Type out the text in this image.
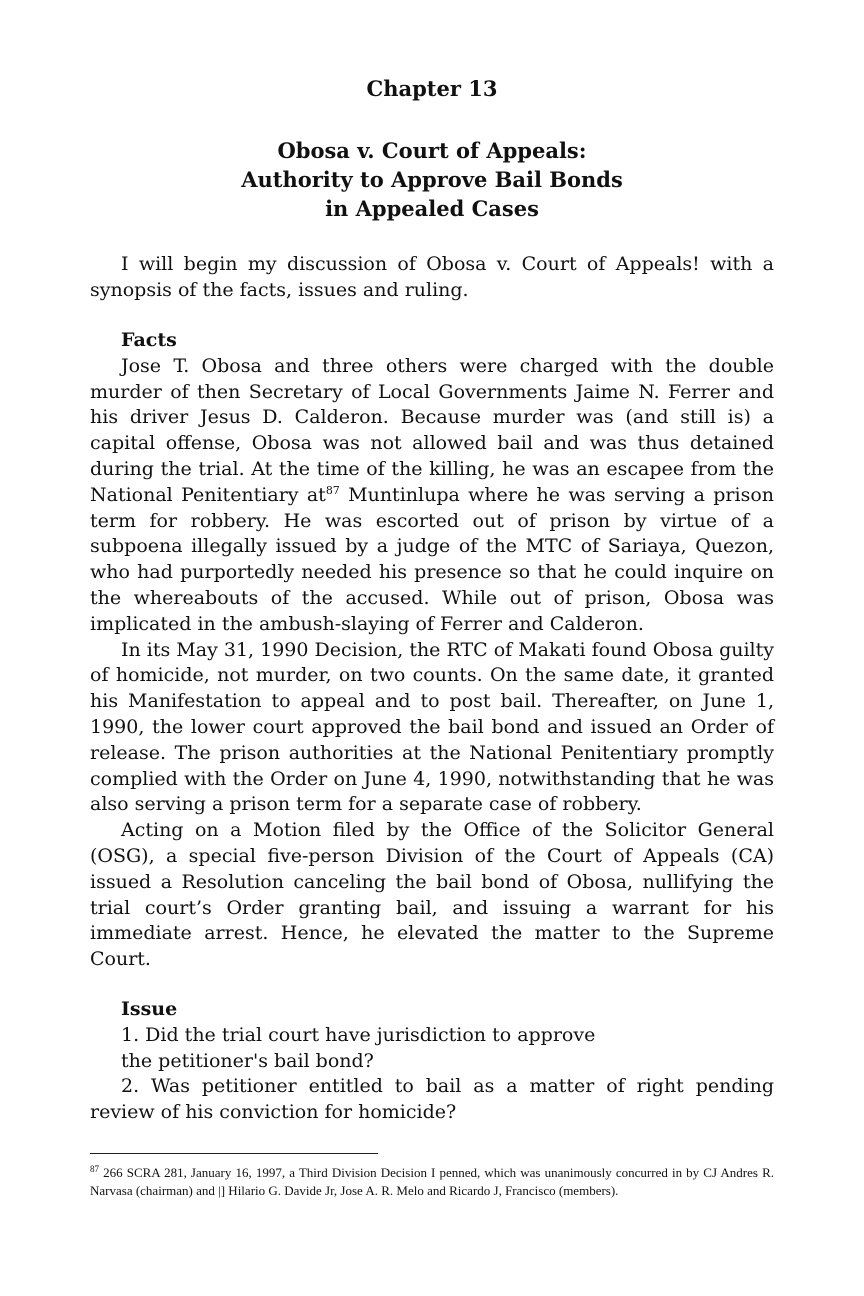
Chapter 13
Obosa v. Court of Appeals:
Authority to Approve Bail Bonds
in Appealed Cases

I will begin my discussion of Obosa v. Court of Appeals! with a synopsis of the facts, issues and ruling.

Facts

Jose T. Obosa and three others were charged with the double murder of then Secretary of Local Governments Jaime N. Ferrer and his driver Jesus D. Calderon. Because murder was (and still is) a capital offense, Obosa was not allowed bail and was thus detained during the trial. At the time of the killing, he was an escapee from the National Penitentiary $at^{87}$ Muntinlupa where he was serving a prison term for robbery. He was escorted out of prison by virtue of a subpoena illegally issued by a judge of the MTC of Sariaya, Quezon, who had purportedly needed his presence so that he could inquire on the whereabouts of the accused. While out of prison, Obosa was implicated in the ambush-slaying of Ferrer and Calderon.

In its May 31, 1990 Decision, the RTC of Makati found Obosa guilty of homicide, not murder, on two counts. On the same date, it granted his Manifestation to appeal and to post bail. Thereafter, on June 1, 1990, the lower court approved the bail bond and issued an Order of release. The prison authorities at the National Penitentiary promptly complied with the Order on June 4, 1990, notwithstanding that he was also serving a prison term for a separate case of robbery.

Acting on a Motion filed by the Office of the Solicitor General (OSG), a special five-person Division of the Court of Appeals (CA) issued a Resolution canceling the bail bond of Obosa, nullifying the trial court’s Order granting bail, and issuing a warrant for his immediate arrest. Hence, he elevated the matter to the Supreme Court.

Issue

1. Did the trial court have jurisdiction to approve

the petitioner's bail bond?

2. Was petitioner entitled to bail as a matter of right pending review of his conviction for homicide?

$^{87}$ 266 SCRA 281, January 16, 1997, a Third Division Decision I penned, which was unanimously concurred in by CJ Andres R. Narvasa (chairman) and |] Hilario G. Davide Jr, Jose A. R. Melo and Ricardo J, Francisco (members).
